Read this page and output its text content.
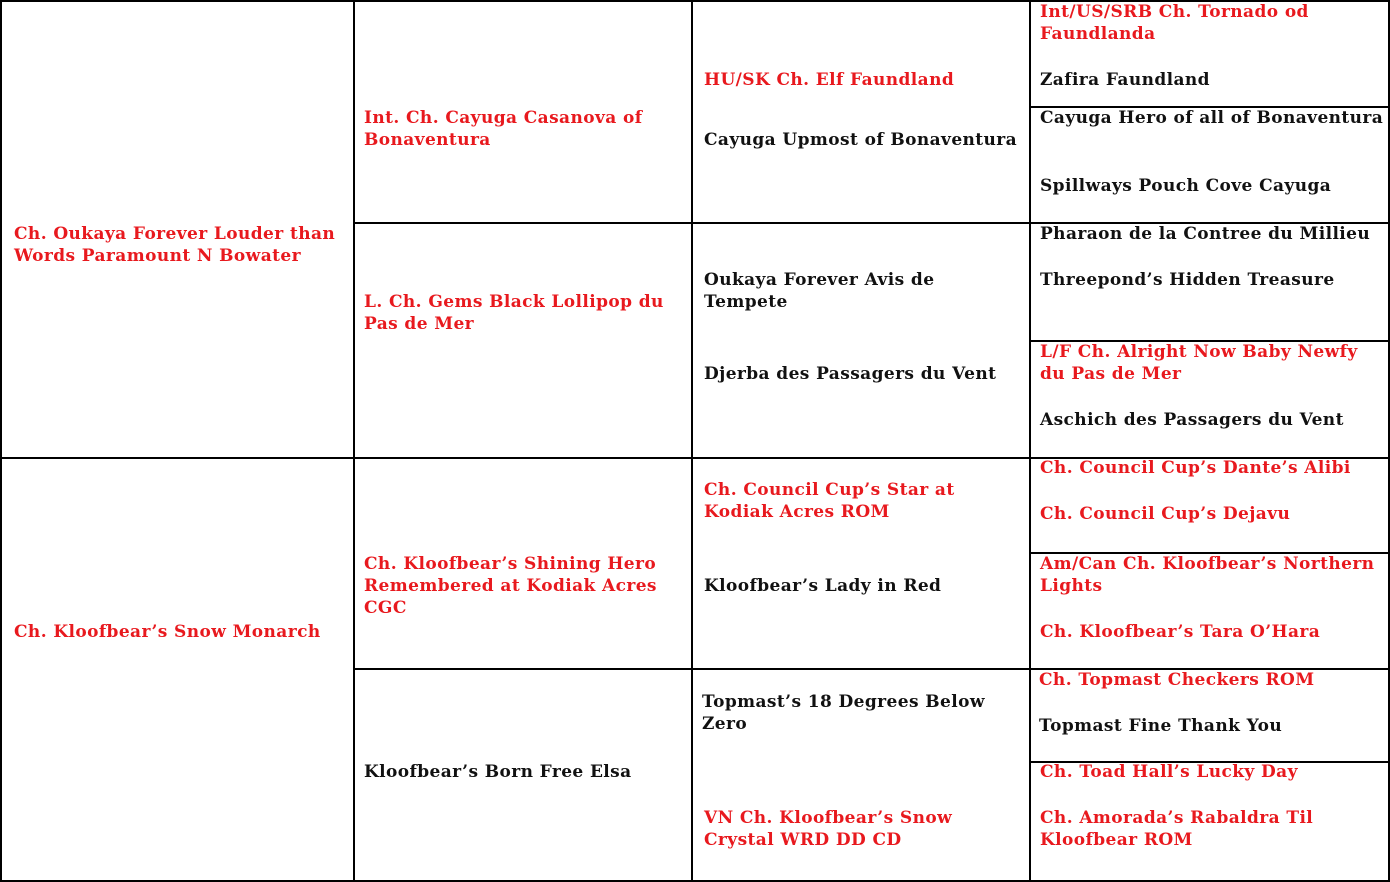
Ch. Oukaya Forever Louder than Words Paramount N Bowater
Ch. Kloofbear’s Snow Monarch
Int. Ch. Cayuga Casanova of Bonaventura
L. Ch. Gems Black Lollipop du Pas de Mer
Ch. Kloofbear’s Shining Hero Remembered at Kodiak Acres CGC
Kloofbear’s Born Free Elsa
HU/SK Ch. Elf Faundland
Cayuga Upmost of Bonaventura
Oukaya Forever Avis de Tempete
Djerba des Passagers du Vent
Ch. Council Cup’s Star at Kodiak Acres ROM
Kloofbear’s Lady in Red
Topmast’s 18 Degrees Below Zero
VN Ch. Kloofbear’s Snow Crystal WRD DD CD
Int/US/SRB Ch. Tornado od Faundlanda
Zafira Faundland
Cayuga Hero of all of Bonaventura
Spillways Pouch Cove Cayuga
Pharaon de la Contree du Millieu
Threepond’s Hidden Treasure
L/F Ch. Alright Now Baby Newfy du Pas de Mer
Aschich des Passagers du Vent
Ch. Council Cup’s Dante’s Alibi
Ch. Council Cup’s Dejavu
Am/Can Ch. Kloofbear’s Northern Lights
Ch. Kloofbear’s Tara O’Hara
Ch. Topmast Checkers ROM
Topmast Fine Thank You
Ch. Toad Hall’s Lucky Day
Ch. Amorada’s Rabaldra Til Kloofbear ROM
